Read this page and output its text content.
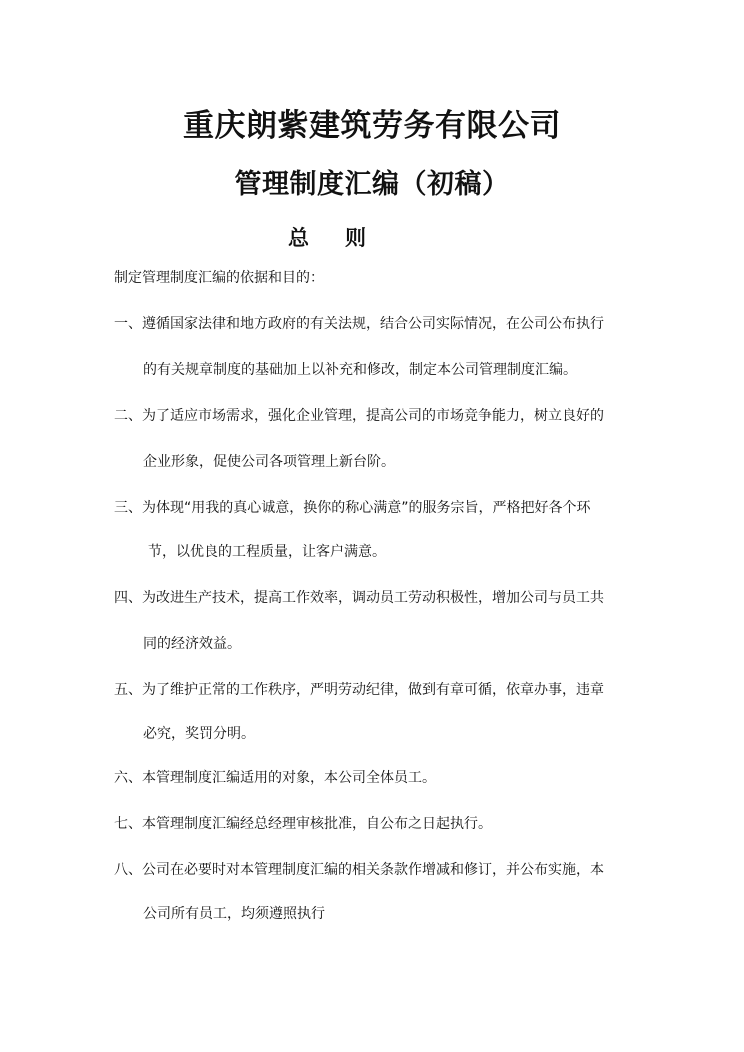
重庆朗紫建筑劳务有限公司
管理制度汇编（初稿）
总 则
制定管理制度汇编的依据和目的：
一、遵循国家法律和地方政府的有关法规，结合公司实际情况，在公司公布执行
的有关规章制度的基础加上以补充和修改，制定本公司管理制度汇编。
二、为了适应市场需求，强化企业管理，提高公司的市场竞争能力，树立良好的
企业形象，促使公司各项管理上新台阶。
三、为体现“用我的真心诚意，换你的称心满意”的服务宗旨，严格把好各个环
节，以优良的工程质量，让客户满意。
四、为改进生产技术，提高工作效率，调动员工劳动积极性，增加公司与员工共
同的经济效益。
五、为了维护正常的工作秩序，严明劳动纪律，做到有章可循，依章办事，违章
必究，奖罚分明。
六、本管理制度汇编适用的对象，本公司全体员工。
七、本管理制度汇编经总经理审核批准，自公布之日起执行。
八、公司在必要时对本管理制度汇编的相关条款作增减和修订，并公布实施，本
公司所有员工，均须遵照执行
